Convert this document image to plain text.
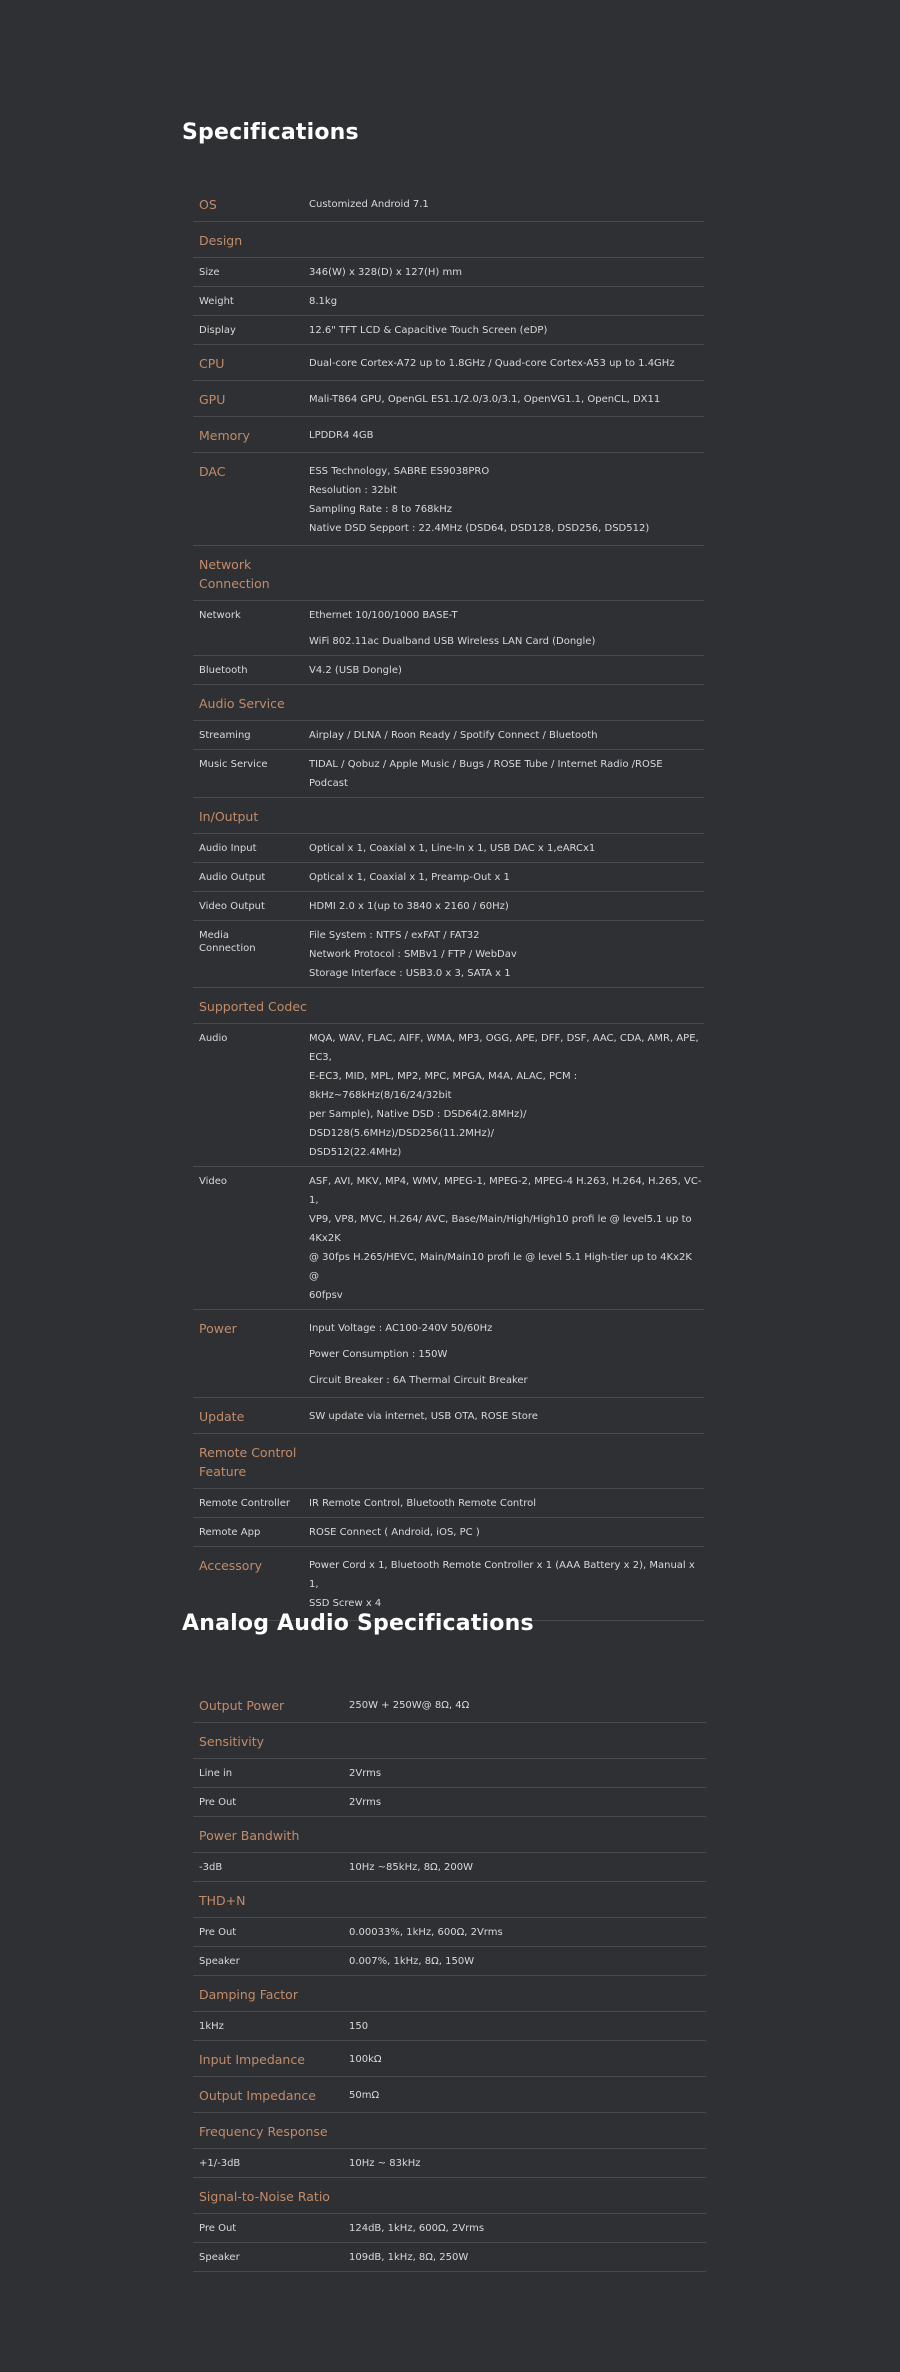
Specifications
OS	Customized Android 7.1

Design	
Size	346(W) x 328(D) x 127(H) mm

Weight	8.1kg

Display	12.6" TFT LCD & Capacitive Touch Screen (eDP)

CPU	Dual-core Cortex-A72 up to 1.8GHz / Quad-core Cortex-A53 up to 1.4GHz

GPU	Mali-T864 GPU, OpenGL ES1.1/2.0/3.0/3.1, OpenVG1.1, OpenCL, DX11

Memory	LPDDR4 4GB

DAC	ESS Technology, SABRE ES9038PRO
Resolution : 32bit
Sampling Rate : 8 to 768kHz
Native DSD Sepport : 22.4MHz (DSD64, DSD128, DSD256, DSD512)

Network Connection	
Network	Ethernet 10/100/1000 BASE-T
WiFi 802.11ac Dualband USB Wireless LAN Card (Dongle)

Bluetooth	V4.2 (USB Dongle)

Audio Service	
Streaming	Airplay / DLNA / Roon Ready / Spotify Connect / Bluetooth

Music Service	TIDAL / Qobuz / Apple Music / Bugs / ROSE Tube / Internet Radio /ROSE Podcast

In/Output	
Audio Input	Optical x 1, Coaxial x 1, Line-In x 1, USB DAC x 1,eARCx1

Audio Output	Optical x 1, Coaxial x 1, Preamp-Out x 1

Video Output	HDMI 2.0 x 1(up to 3840 x 2160 / 60Hz)

Media
Connection	File System : NTFS / exFAT / FAT32
Network Protocol : SMBv1 / FTP / WebDav
Storage Interface : USB3.0 x 3, SATA x 1

Supported Codec	
Audio	MQA, WAV, FLAC, AIFF, WMA, MP3, OGG, APE, DFF, DSF, AAC, CDA, AMR, APE, EC3,
E-EC3, MID, MPL, MP2, MPC, MPGA, M4A, ALAC, PCM : 8kHz~768kHz(8/16/24/32bit
per Sample), Native DSD : DSD64(2.8MHz)/ DSD128(5.6MHz)/DSD256(11.2MHz)/
DSD512(22.4MHz)

Video	ASF, AVI, MKV, MP4, WMV, MPEG-1, MPEG-2, MPEG-4 H.263, H.264, H.265, VC-1,
VP9, VP8, MVC, H.264/ AVC, Base/Main/High/High10 profi le @ level5.1 up to 4Kx2K
@ 30fps H.265/HEVC, Main/Main10 profi le @ level 5.1 High-tier up to 4Kx2K @
60fpsv

Power	Input Voltage : AC100-240V 50/60Hz
Power Consumption : 150W
Circuit Breaker : 6A Thermal Circuit Breaker

Update	SW update via internet, USB OTA, ROSE Store

Remote Control Feature	
Remote Controller	IR Remote Control, Bluetooth Remote Control

Remote App	ROSE Connect ( Android, iOS, PC )

Accessory	Power Cord x 1, Bluetooth Remote Controller x 1 (AAA Battery x 2), Manual x 1,
SSD Screw x 4
Analog Audio Specifications
Output Power	250W + 250W@ 8Ω, 4Ω

Sensitivity	
Line in	2Vrms

Pre Out	2Vrms

Power Bandwith	
-3dB	10Hz ~85kHz, 8Ω, 200W

THD+N	
Pre Out	0.00033%, 1kHz, 600Ω, 2Vrms

Speaker	0.007%, 1kHz, 8Ω, 150W

Damping Factor	
1kHz	150

Input Impedance	100kΩ

Output Impedance	50mΩ

Frequency Response	
+1/-3dB	10Hz ~ 83kHz

Signal-to-Noise Ratio	
Pre Out	124dB, 1kHz, 600Ω, 2Vrms

Speaker	109dB, 1kHz, 8Ω, 250W
